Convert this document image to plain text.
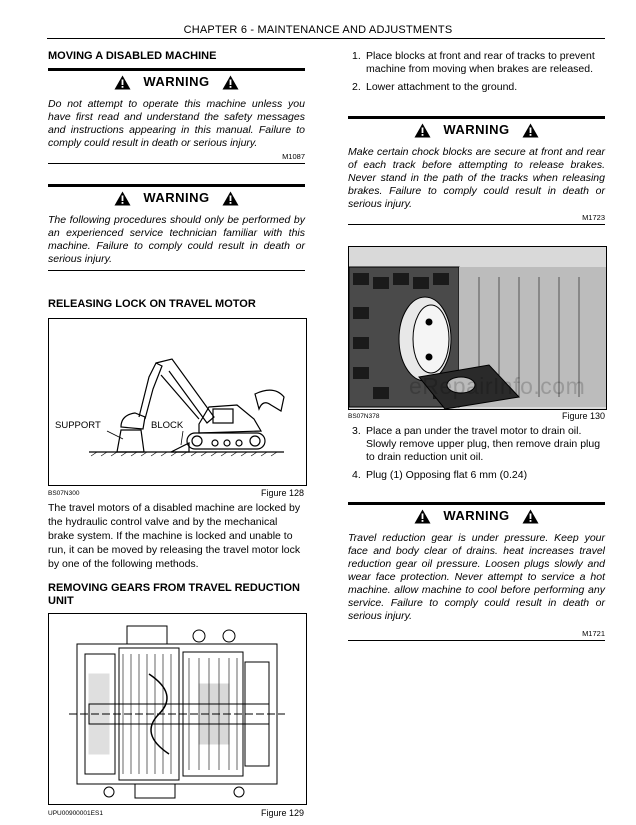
CHAPTER 6 - MAINTENANCE AND ADJUSTMENTS
MOVING A DISABLED MACHINE
WARNING
Do not attempt to operate this machine unless you have first read and understand the safety messages and instructions appearing in this manual. Failure to comply could result in death or serious injury.
M1087
WARNING
The following procedures should only be performed by an experienced service technician familiar with this machine. Failure to comply could result in death or serious injury.
RELEASING LOCK ON TRAVEL MOTOR
SUPPORT	BLOCK
BS07N300	Figure 128
The travel motors of a disabled machine are locked by the hydraulic control valve and by the mechanical brake system. If the machine is locked and unable to run, it can be moved by releasing the travel motor lock by one of the following methods.
REMOVING GEARS FROM TRAVEL REDUCTION UNIT
UPU00900001ES1	Figure 129
1. Place blocks at front and rear of tracks to prevent machine from moving when brakes are released.
2. Lower attachment to the ground.
WARNING
Make certain chock blocks are secure at front and rear of each track before attempting to release brakes. Never stand in the path of the tracks when releasing brakes. Failure to comply could result in death or serious injury.
M1723
eRepairInfo.com
BS07N378	Figure 130
3. Place a pan under the travel motor to drain oil. Slowly remove upper plug, then remove drain plug to drain reduction unit oil.
4. Plug (1) Opposing flat 6 mm (0.24)
WARNING
Travel reduction gear is under pressure. Keep your face and body clear of drains. heat increases travel reduction gear oil pressure. Loosen plugs slowly and wear face protection. Never attempt to service a hot machine. allow machine to cool before performing any service. Failure to comply could result in death or serious injury.
M1721
